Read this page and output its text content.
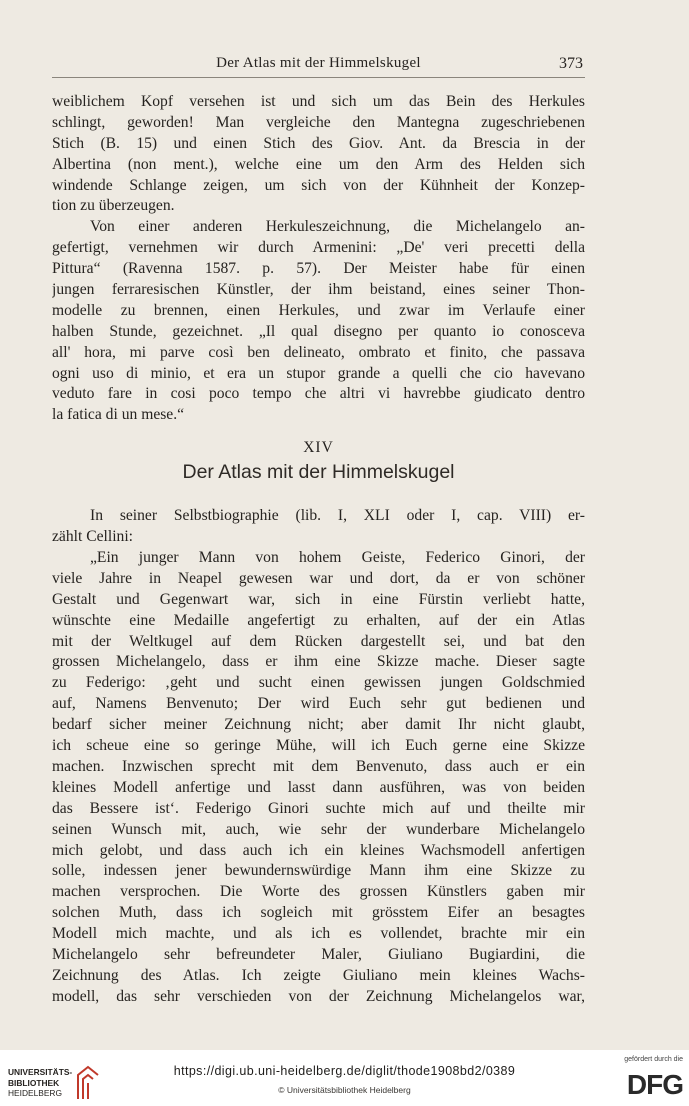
Der Atlas mit der Himmelskugel	373
weiblichem Kopf versehen ist und sich um das Bein des Herkules
schlingt, geworden! Man vergleiche den Mantegna zugeschriebenen
Stich (B. 15) und einen Stich des Giov. Ant. da Brescia in der
Albertina (non ment.), welche eine um den Arm des Helden sich
windende Schlange zeigen, um sich von der Kühnheit der Konzep-
tion zu überzeugen.
Von einer anderen Herkuleszeichnung, die Michelangelo an-
gefertigt, vernehmen wir durch Armenini: „De' veri precetti della
Pittura“ (Ravenna 1587. p. 57). Der Meister habe für einen
jungen ferraresischen Künstler, der ihm beistand, eines seiner Thon-
modelle zu brennen, einen Herkules, und zwar im Verlaufe einer
halben Stunde, gezeichnet. „Il qual disegno per quanto io conosceva
all' hora, mi parve così ben delineato, ombrato et finito, che passava
ogni uso di minio, et era un stupor grande a quelli che cio havevano
veduto fare in cosi poco tempo che altri vi havrebbe giudicato dentro
la fatica di un mese.“
XIV
Der Atlas mit der Himmelskugel
In seiner Selbstbiographie (lib. I, XLI oder I, cap. VIII) er-
zählt Cellini:
„Ein junger Mann von hohem Geiste, Federico Ginori, der
viele Jahre in Neapel gewesen war und dort, da er von schöner
Gestalt und Gegenwart war, sich in eine Fürstin verliebt hatte,
wünschte eine Medaille angefertigt zu erhalten, auf der ein Atlas
mit der Weltkugel auf dem Rücken dargestellt sei, und bat den
grossen Michelangelo, dass er ihm eine Skizze mache. Dieser sagte
zu Federigo: ‚geht und sucht einen gewissen jungen Goldschmied
auf, Namens Benvenuto; Der wird Euch sehr gut bedienen und
bedarf sicher meiner Zeichnung nicht; aber damit Ihr nicht glaubt,
ich scheue eine so geringe Mühe, will ich Euch gerne eine Skizze
machen. Inzwischen sprecht mit dem Benvenuto, dass auch er ein
kleines Modell anfertige und lasst dann ausführen, was von beiden
das Bessere ist‘. Federigo Ginori suchte mich auf und theilte mir
seinen Wunsch mit, auch, wie sehr der wunderbare Michelangelo
mich gelobt, und dass auch ich ein kleines Wachsmodell anfertigen
solle, indessen jener bewundernswürdige Mann ihm eine Skizze zu
machen versprochen. Die Worte des grossen Künstlers gaben mir
solchen Muth, dass ich sogleich mit grösstem Eifer an besagtes
Modell mich machte, und als ich es vollendet, brachte mir ein
Michelangelo sehr befreundeter Maler, Giuliano Bugiardini, die
Zeichnung des Atlas. Ich zeigte Giuliano mein kleines Wachs-
modell, das sehr verschieden von der Zeichnung Michelangelos war,
UNIVERSITÄTS-
BIBLIOTHEK
HEIDELBERG
https://digi.ub.uni-heidelberg.de/diglit/thode1908bd2/0389
© Universitätsbibliothek Heidelberg
gefördert durch die
DFG
